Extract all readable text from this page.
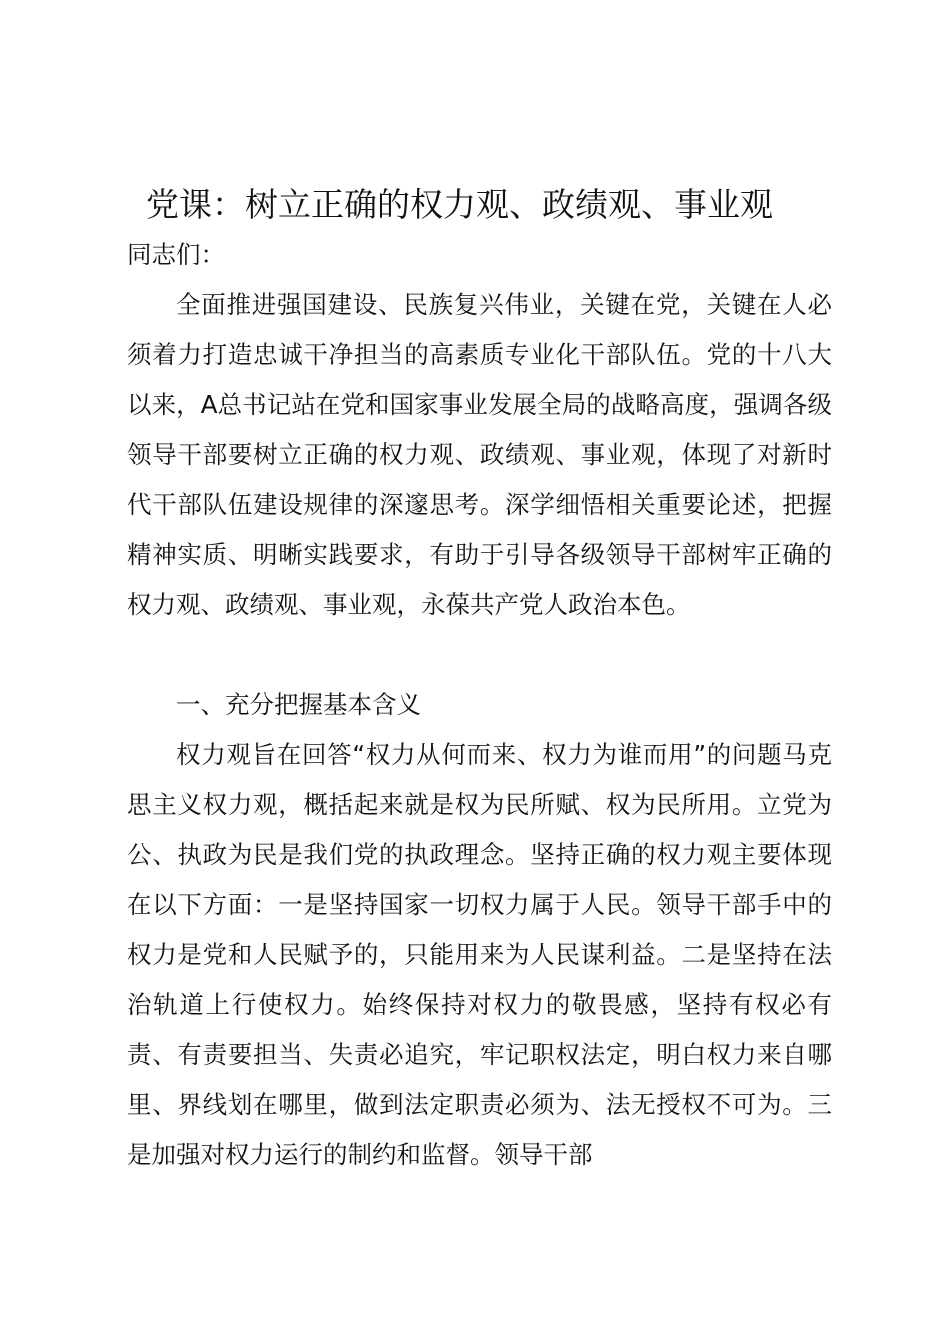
党课：树立正确的权力观、政绩观、事业观

同志们：

全面推进强国建设、民族复兴伟业，关键在党，关键在人必须着力打造忠诚干净担当的高素质专业化干部队伍。党的十八大以来，A总书记站在党和国家事业发展全局的战略高度，强调各级领导干部要树立正确的权力观、政绩观、事业观，体现了对新时代干部队伍建设规律的深邃思考。深学细悟相关重要论述，把握精神实质、明晰实践要求，有助于引导各级领导干部树牢正确的权力观、政绩观、事业观，永葆共产党人政治本色。

一、充分把握基本含义

权力观旨在回答“权力从何而来、权力为谁而用”的问题马克思主义权力观，概括起来就是权为民所赋、权为民所用。立党为公、执政为民是我们党的执政理念。坚持正确的权力观主要体现在以下方面：一是坚持国家一切权力属于人民。领导干部手中的权力是党和人民赋予的，只能用来为人民谋利益。二是坚持在法治轨道上行使权力。始终保持对权力的敬畏感，坚持有权必有责、有责要担当、失责必追究，牢记职权法定，明白权力来自哪里、界线划在哪里，做到法定职责必须为、法无授权不可为。三是加强对权力运行的制约和监督。领导干部
